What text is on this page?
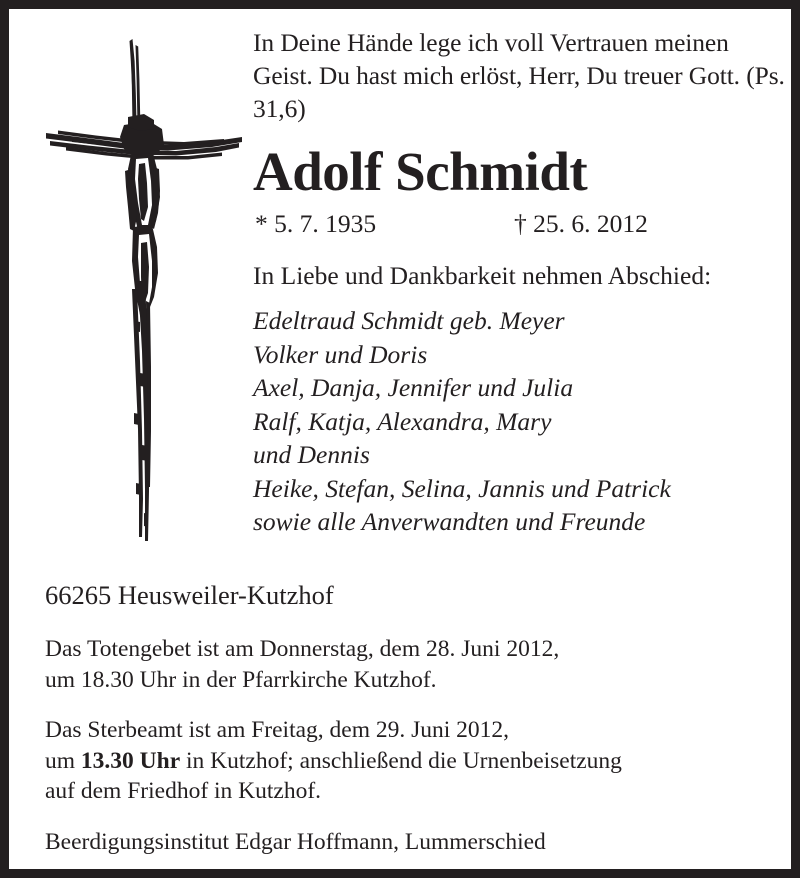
In Deine Hände lege ich voll Vertrauen meinen Geist. Du hast mich erlöst, Herr, Du treuer Gott. (Ps. 31,6)
Adolf Schmidt
* 5. 7. 1935	† 25. 6. 2012
In Liebe und Dankbarkeit nehmen Abschied:
Edeltraud Schmidt geb. Meyer
Volker und Doris
Axel, Danja, Jennifer und Julia
Ralf, Katja, Alexandra, Mary
und Dennis
Heike, Stefan, Selina, Jannis und Patrick
sowie alle Anverwandten und Freunde
66265 Heusweiler-Kutzhof
Das Totengebet ist am Donnerstag, dem 28. Juni 2012,
um 18.30 Uhr in der Pfarrkirche Kutzhof.
Das Sterbeamt ist am Freitag, dem 29. Juni 2012,
um 13.30 Uhr in Kutzhof; anschließend die Urnenbeisetzung
auf dem Friedhof in Kutzhof.
Beerdigungsinstitut Edgar Hoffmann, Lummerschied
